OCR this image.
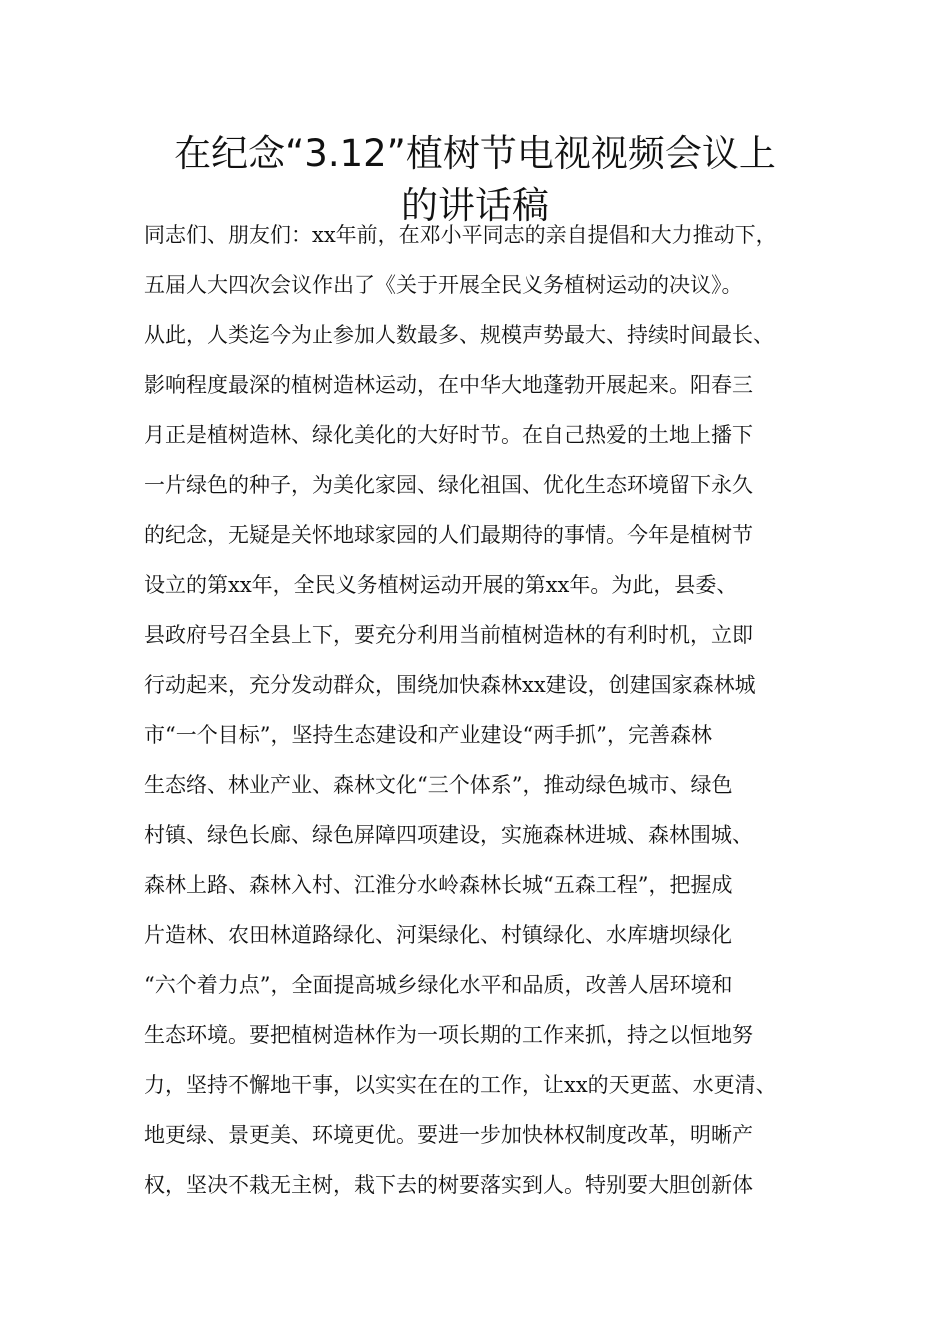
在纪念“3.12”植树节电视视频会议上
的讲话稿
同志们、朋友们：xx年前，在邓小平同志的亲自提倡和大力推动下，
五届人大四次会议作出了《关于开展全民义务植树运动的决议》。
从此，人类迄今为止参加人数最多、规模声势最大、持续时间最长、
影响程度最深的植树造林运动，在中华大地蓬勃开展起来。阳春三
月正是植树造林、绿化美化的大好时节。在自己热爱的土地上播下
一片绿色的种子，为美化家园、绿化祖国、优化生态环境留下永久
的纪念，无疑是关怀地球家园的人们最期待的事情。今年是植树节
设立的第xx年，全民义务植树运动开展的第xx年。为此，县委、
县政府号召全县上下，要充分利用当前植树造林的有利时机，立即
行动起来，充分发动群众，围绕加快森林xx建设，创建国家森林城
市“一个目标”，坚持生态建设和产业建设“两手抓”，完善森林
生态络、林业产业、森林文化“三个体系”，推动绿色城市、绿色
村镇、绿色长廊、绿色屏障四项建设，实施森林进城、森林围城、
森林上路、森林入村、江淮分水岭森林长城“五森工程”，把握成
片造林、农田林道路绿化、河渠绿化、村镇绿化、水库塘坝绿化
“六个着力点”，全面提高城乡绿化水平和品质，改善人居环境和
生态环境。要把植树造林作为一项长期的工作来抓，持之以恒地努
力，坚持不懈地干事，以实实在在的工作，让xx的天更蓝、水更清、
地更绿、景更美、环境更优。要进一步加快林权制度改革，明晰产
权，坚决不栽无主树，栽下去的树要落实到人。特别要大胆创新体
